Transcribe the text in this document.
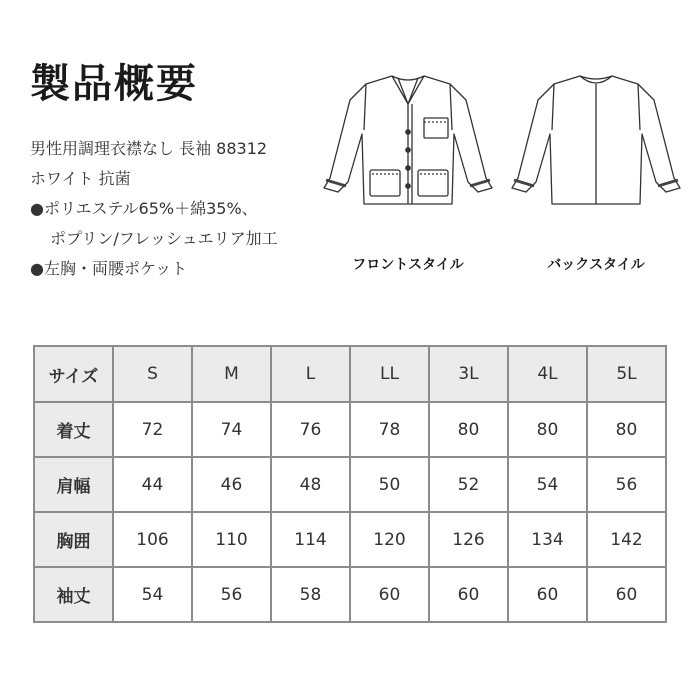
製品概要
男性用調理衣襟なし 長袖 88312
ホワイト 抗菌
●ポリエステル65%＋綿35%、
ポプリン/フレッシュエリア加工
●左胸・両腰ポケット	フロントスタイル	バックスタイル
サイズ	S	M	L	LL	3L	4L	5L
着丈	72	74	76	78	80	80	80
肩幅	44	46	48	50	52	54	56
胸囲	106	110	114	120	126	134	142
袖丈	54	56	58	60	60	60	60
